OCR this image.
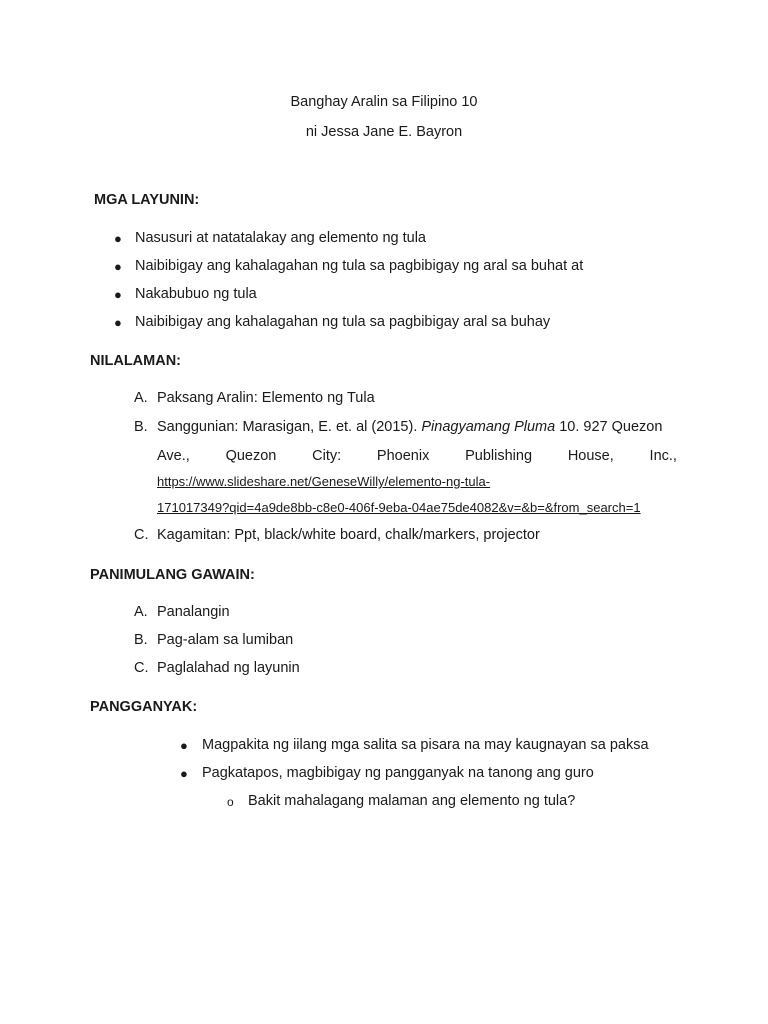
Banghay Aralin sa Filipino 10
ni Jessa Jane E. Bayron
MGA LAYUNIN:
● Nasusuri at natatalakay ang elemento ng tula
● Naibibigay ang kahalagahan ng tula sa pagbibigay ng aral sa buhat at
● Nakabubuo ng tula
● Naibibigay ang kahalagahan ng tula sa pagbibigay aral sa buhay
NILALAMAN:
A. Paksang Aralin: Elemento ng Tula
B. Sanggunian: Marasigan, E. et. al (2015). Pinagyamang Pluma 10. 927 Quezon
Ave., Quezon City: Phoenix Publishing House, Inc.,
https://www.slideshare.net/GeneseWilly/elemento-ng-tula-
171017349?qid=4a9de8bb-c8e0-406f-9eba-04ae75de4082&v=&b=&from_search=1
C. Kagamitan: Ppt, black/white board, chalk/markers, projector
PANIMULANG GAWAIN:
A. Panalangin
B. Pag-alam sa lumiban
C. Paglalahad ng layunin
PANGGANYAK:
● Magpakita ng iilang mga salita sa pisara na may kaugnayan sa paksa
● Pagkatapos, magbibigay ng pangganyak na tanong ang guro
o Bakit mahalagang malaman ang elemento ng tula?
